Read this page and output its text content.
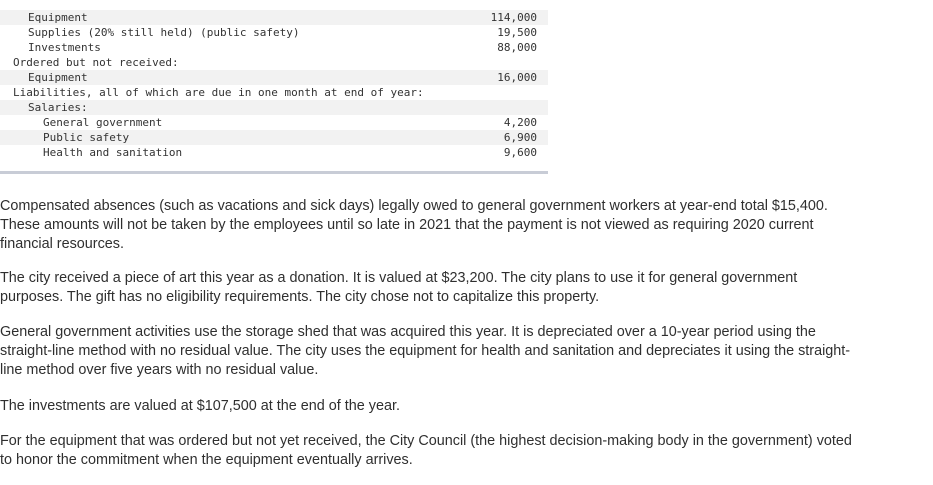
Equipment	114,000
Supplies (20% still held) (public safety)	19,500
Investments	88,000
Ordered but not received:
Equipment	16,000
Liabilities, all of which are due in one month at end of year:
Salaries:
General government	4,200
Public safety	6,900
Health and sanitation	9,600

Compensated absences (such as vacations and sick days) legally owed to general government workers at year-end total $15,400.
These amounts will not be taken by the employees until so late in 2021 that the payment is not viewed as requiring 2020 current
financial resources.

The city received a piece of art this year as a donation. It is valued at $23,200. The city plans to use it for general government
purposes. The gift has no eligibility requirements. The city chose not to capitalize this property.

General government activities use the storage shed that was acquired this year. It is depreciated over a 10-year period using the
straight-line method with no residual value. The city uses the equipment for health and sanitation and depreciates it using the straight-
line method over five years with no residual value.

The investments are valued at $107,500 at the end of the year.

For the equipment that was ordered but not yet received, the City Council (the highest decision-making body in the government) voted
to honor the commitment when the equipment eventually arrives.
